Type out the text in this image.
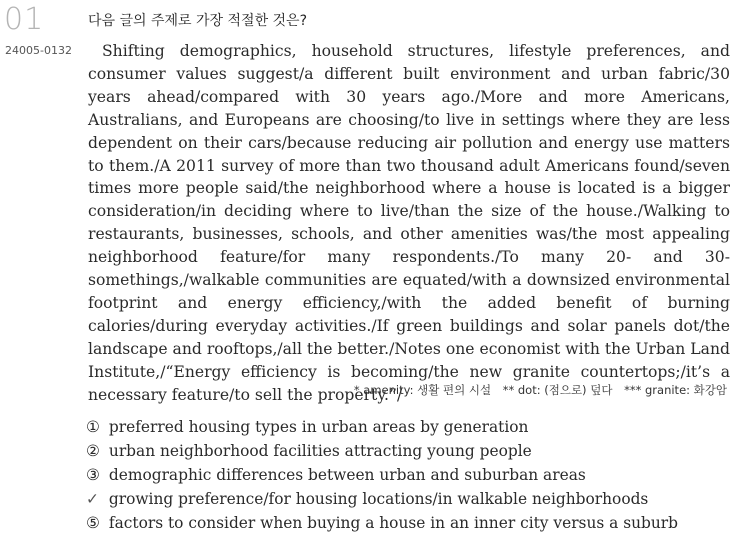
01
24005-0132
다음 글의 주제로 가장 적절한 것은?

Shifting demographics, household structures, lifestyle preferences, and consumer values suggest/a different built environment and urban fabric/30 years ahead/compared with 30 years ago./More and more Americans, Australians, and Europeans are choosing/to live in settings where they are less dependent on their cars/because reducing air pollution and energy use matters to them./A 2011 survey of more than two thousand adult Americans found/seven times more people said/the neighborhood where a house is located is a bigger consideration/in deciding where to live/than the size of the house./Walking to restaurants, businesses, schools, and other amenities was/the most appealing neighborhood feature/for many respondents./To many 20- and 30-somethings,/walkable communities are equated/with a downsized environmental footprint and energy efficiency,/with the added benefit of burning calories/during everyday activities./If green buildings and solar panels dot/the landscape and rooftops,/all the better./Notes one economist with the Urban Land Institute,/“Energy efficiency is becoming/the new granite countertops;/it’s a necessary feature/to sell the property.”/

* amenity: 생활 편의 시설 ** dot: (점으로) 덮다 *** granite: 화강암
① preferred housing types in urban areas by generation
② urban neighborhood facilities attracting young people
③ demographic differences between urban and suburban areas
✓ growing preference/for housing locations/in walkable neighborhoods
⑤ factors to consider when buying a house in an inner city versus a suburb
